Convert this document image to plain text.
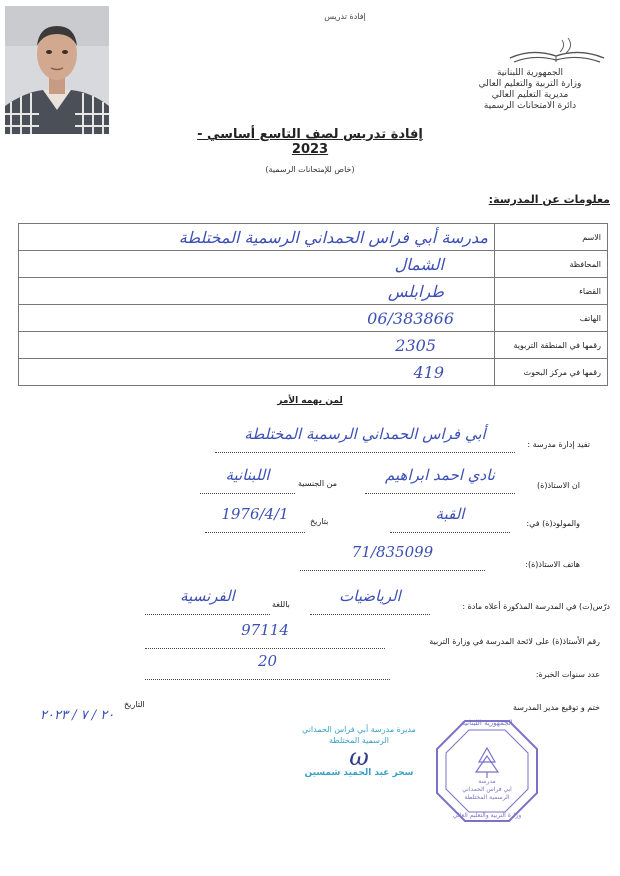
إفادة تدريس
الجمهورية اللبنانية
وزارة التربية والتعليم العالي
مديرية التعليم العالي
دائرة الامتحانات الرسمية
إفادة تدريس لصف التاسع أساسي - 2023
(خاص للإمتحانات الرسمية)
معلومات عن المدرسة:
الاسم	مدرسة أبي فراس الحمداني الرسمية المختلطة
المحافظة	الشمال
القضاء	طرابلس
الهاتف	06/383866
رقمها في المنطقة التربوية	2305
رقمها في مركز البحوث	419
لمن يهمه الأمر
تفيد إدارة مدرسة :
أبي فراس الحمداني الرسمية المختلطة
ان الاستاذ(ة)
نادي احمد ابراهيم
من الجنسية
اللبنانية
والمولود(ة) في:
القبة
بتاريخ
1976/4/1
هاتف الاستاذ(ة):
71/835099
درّس(ت) في المدرسة المذكورة أعلاه مادة :
الرياضيات
باللغة
الفرنسية
رقم الأستاذ(ة) على لائحة المدرسة في وزارة التربية
97114
عدد سنوات الخبرة:
20
ختم و توقيع مدير المدرسة
التاريخ
٢٠ / ٧ / ٢٠٢٣
مديرة مدرسة أبي فراس الحمداني
الرسمية المختلطة
ω
سحر عبد الحميد شمسين
الجمهورية اللبنانية
مدرسة
ابي فراس الحمداني
الرسمية المختلطة
وزارة التربية والتعليم العالي
